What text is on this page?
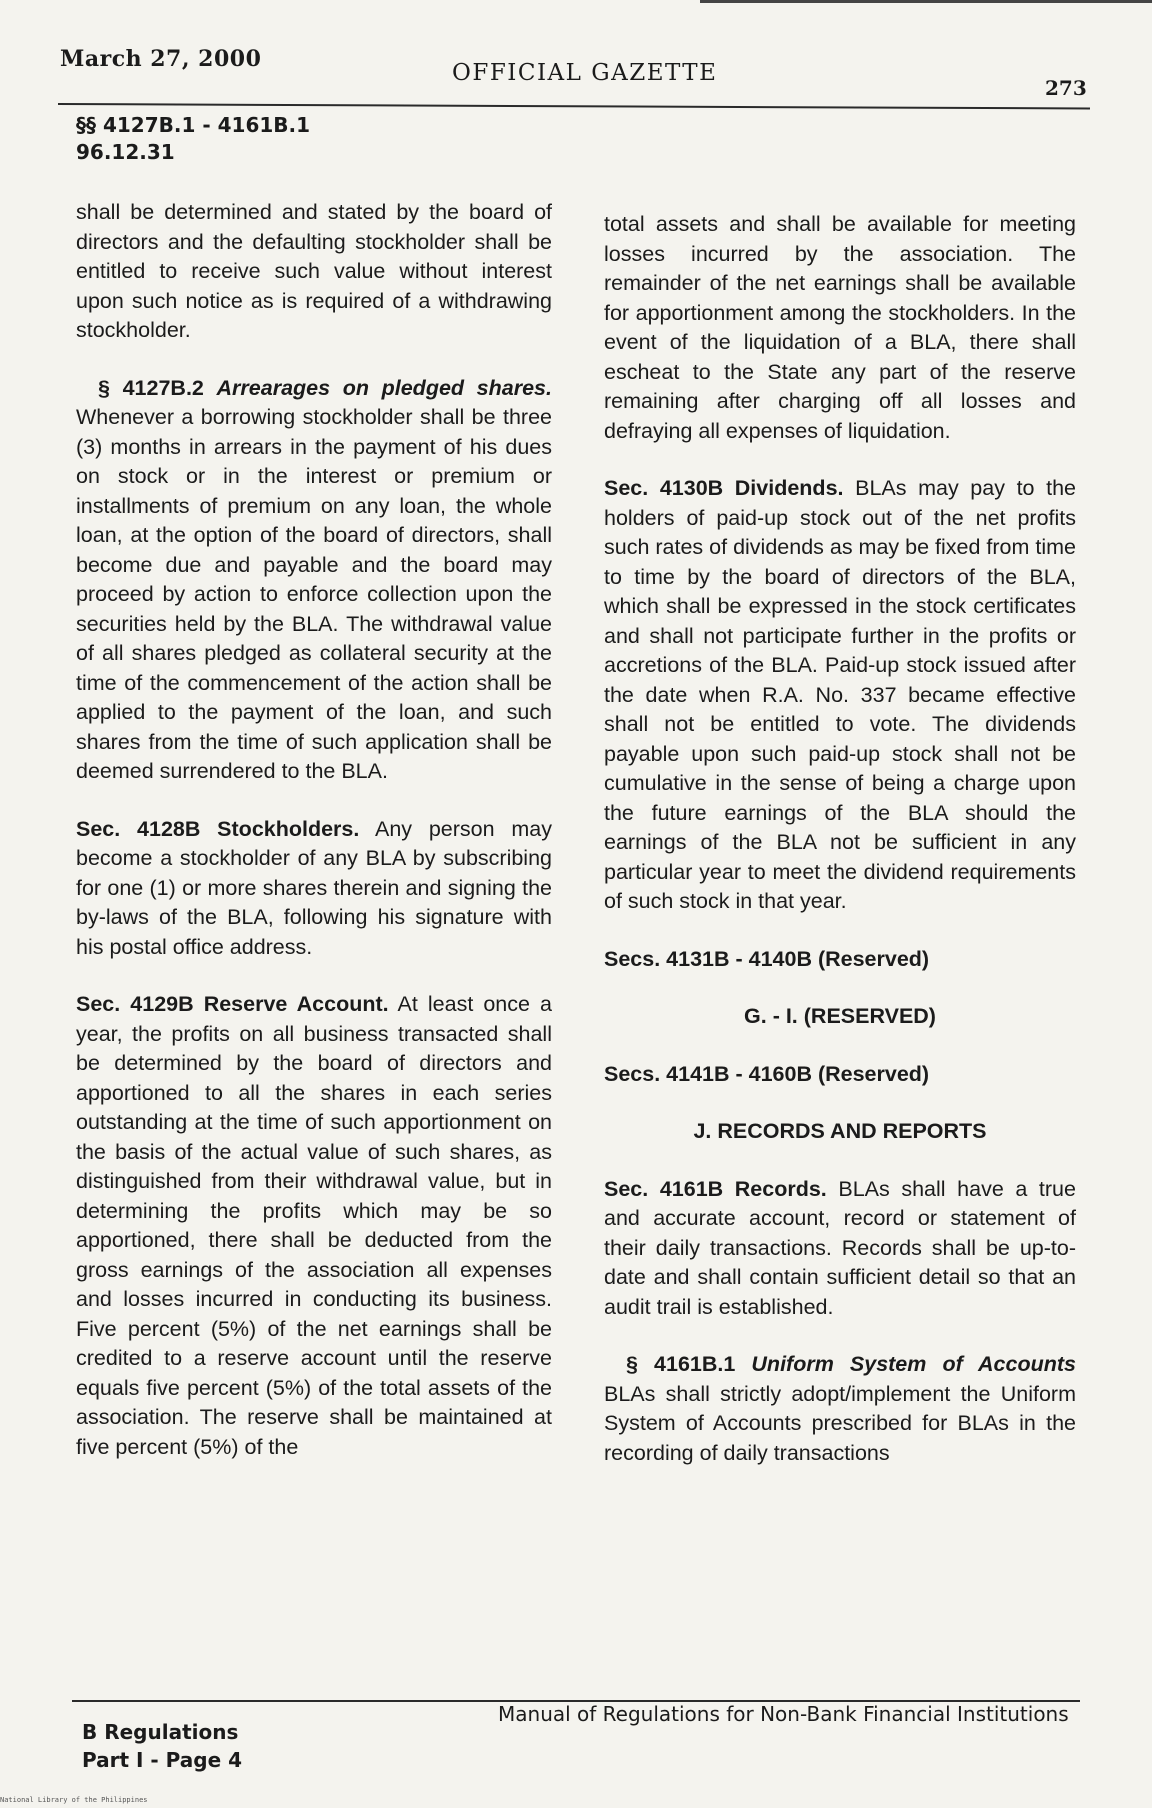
March 27, 2000
OFFICIAL GAZETTE
273
§§ 4127B.1 - 4161B.1
96.12.31

shall be determined and stated by the board of directors and the defaulting stockholder shall be entitled to receive such value without interest upon such notice as is required of a withdrawing stockholder.

§ 4127B.2 Arrearages on pledged shares. Whenever a borrowing stockholder shall be three (3) months in arrears in the payment of his dues on stock or in the interest or premium or installments of premium on any loan, the whole loan, at the option of the board of directors, shall become due and payable and the board may proceed by action to enforce collection upon the securities held by the BLA. The withdrawal value of all shares pledged as collateral security at the time of the commencement of the action shall be applied to the payment of the loan, and such shares from the time of such application shall be deemed surrendered to the BLA.

Sec. 4128B Stockholders. Any person may become a stockholder of any BLA by subscribing for one (1) or more shares therein and signing the by-laws of the BLA, following his signature with his postal office address.

Sec. 4129B Reserve Account. At least once a year, the profits on all business transacted shall be determined by the board of directors and apportioned to all the shares in each series outstanding at the time of such apportionment on the basis of the actual value of such shares, as distinguished from their withdrawal value, but in determining the profits which may be so apportioned, there shall be deducted from the gross earnings of the association all expenses and losses incurred in conducting its business. Five percent (5%) of the net earnings shall be credited to a reserve account until the reserve equals five percent (5%) of the total assets of the association. The reserve shall be maintained at five percent (5%) of the

total assets and shall be available for meeting losses incurred by the association. The remainder of the net earnings shall be available for apportionment among the stockholders. In the event of the liquidation of a BLA, there shall escheat to the State any part of the reserve remaining after charging off all losses and defraying all expenses of liquidation.

Sec. 4130B Dividends. BLAs may pay to the holders of paid-up stock out of the net profits such rates of dividends as may be fixed from time to time by the board of directors of the BLA, which shall be expressed in the stock certificates and shall not participate further in the profits or accretions of the BLA. Paid-up stock issued after the date when R.A. No. 337 became effective shall not be entitled to vote. The dividends payable upon such paid-up stock shall not be cumulative in the sense of being a charge upon the future earnings of the BLA should the earnings of the BLA not be sufficient in any particular year to meet the dividend requirements of such stock in that year.

Secs. 4131B - 4140B (Reserved)

G. - I. (RESERVED)

Secs. 4141B - 4160B (Reserved)

J. RECORDS AND REPORTS

Sec. 4161B Records. BLAs shall have a true and accurate account, record or statement of their daily transactions. Records shall be up-to-date and shall contain sufficient detail so that an audit trail is established.

§ 4161B.1 Uniform System of Accounts BLAs shall strictly adopt/implement the Uniform System of Accounts prescribed for BLAs in the recording of daily transactions

B Regulations
Part I - Page 4
Manual of Regulations for Non-Bank Financial Institutions
National Library of the Philippines
